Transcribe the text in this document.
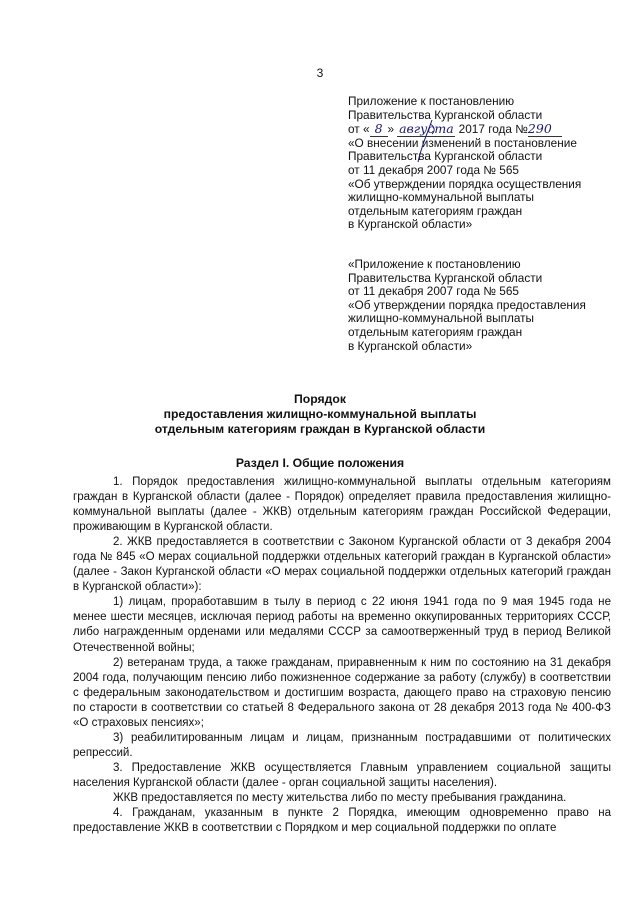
3
Приложение к постановлению
Правительства Курганской области
от « 8 » августа 2017 года №290
«О внесении изменений в постановление
Правительства Курганской области
от 11 декабря 2007 года № 565
«Об утверждении порядка осуществления
жилищно-коммунальной выплаты
отдельным категориям граждан
в Курганской области»
«Приложение к постановлению
Правительства Курганской области
от 11 декабря 2007 года № 565
«Об утверждении порядка предоставления
жилищно-коммунальной выплаты
отдельным категориям граждан
в Курганской области»
Порядок
предоставления жилищно-коммунальной выплаты
отдельным категориям граждан в Курганской области
Раздел I. Общие положения

1. Порядок предоставления жилищно-коммунальной выплаты отдельным категориям граждан в Курганской области (далее - Порядок) определяет правила предоставления жилищно-коммунальной выплаты (далее - ЖКВ) отдельным категориям граждан Российской Федерации, проживающим в Курганской области.

2. ЖКВ предоставляется в соответствии с Законом Курганской области от 3 декабря 2004 года № 845 «О мерах социальной поддержки отдельных категорий граждан в Курганской области» (далее - Закон Курганской области «О мерах социальной поддержки отдельных категорий граждан в Курганской области»):

1) лицам, проработавшим в тылу в период с 22 июня 1941 года по 9 мая 1945 года не менее шести месяцев, исключая период работы на временно оккупированных территориях СССР, либо награжденным орденами или медалями СССР за самоотверженный труд в период Великой Отечественной войны;

2) ветеранам труда, а также гражданам, приравненным к ним по состоянию на 31 декабря 2004 года, получающим пенсию либо пожизненное содержание за работу (службу) в соответствии с федеральным законодательством и достигшим возраста, дающего право на страховую пенсию по старости в соответствии со статьей 8 Федерального закона от 28 декабря 2013 года № 400-ФЗ «О страховых пенсиях»;

3) реабилитированным лицам и лицам, признанным пострадавшими от политических репрессий.

3. Предоставление ЖКВ осуществляется Главным управлением социальной защиты населения Курганской области (далее - орган социальной защиты населения).

ЖКВ предоставляется по месту жительства либо по месту пребывания гражданина.

4. Гражданам, указанным в пункте 2 Порядка, имеющим одновременно право на предоставление ЖКВ в соответствии с Порядком и мер социальной поддержки по оплате
